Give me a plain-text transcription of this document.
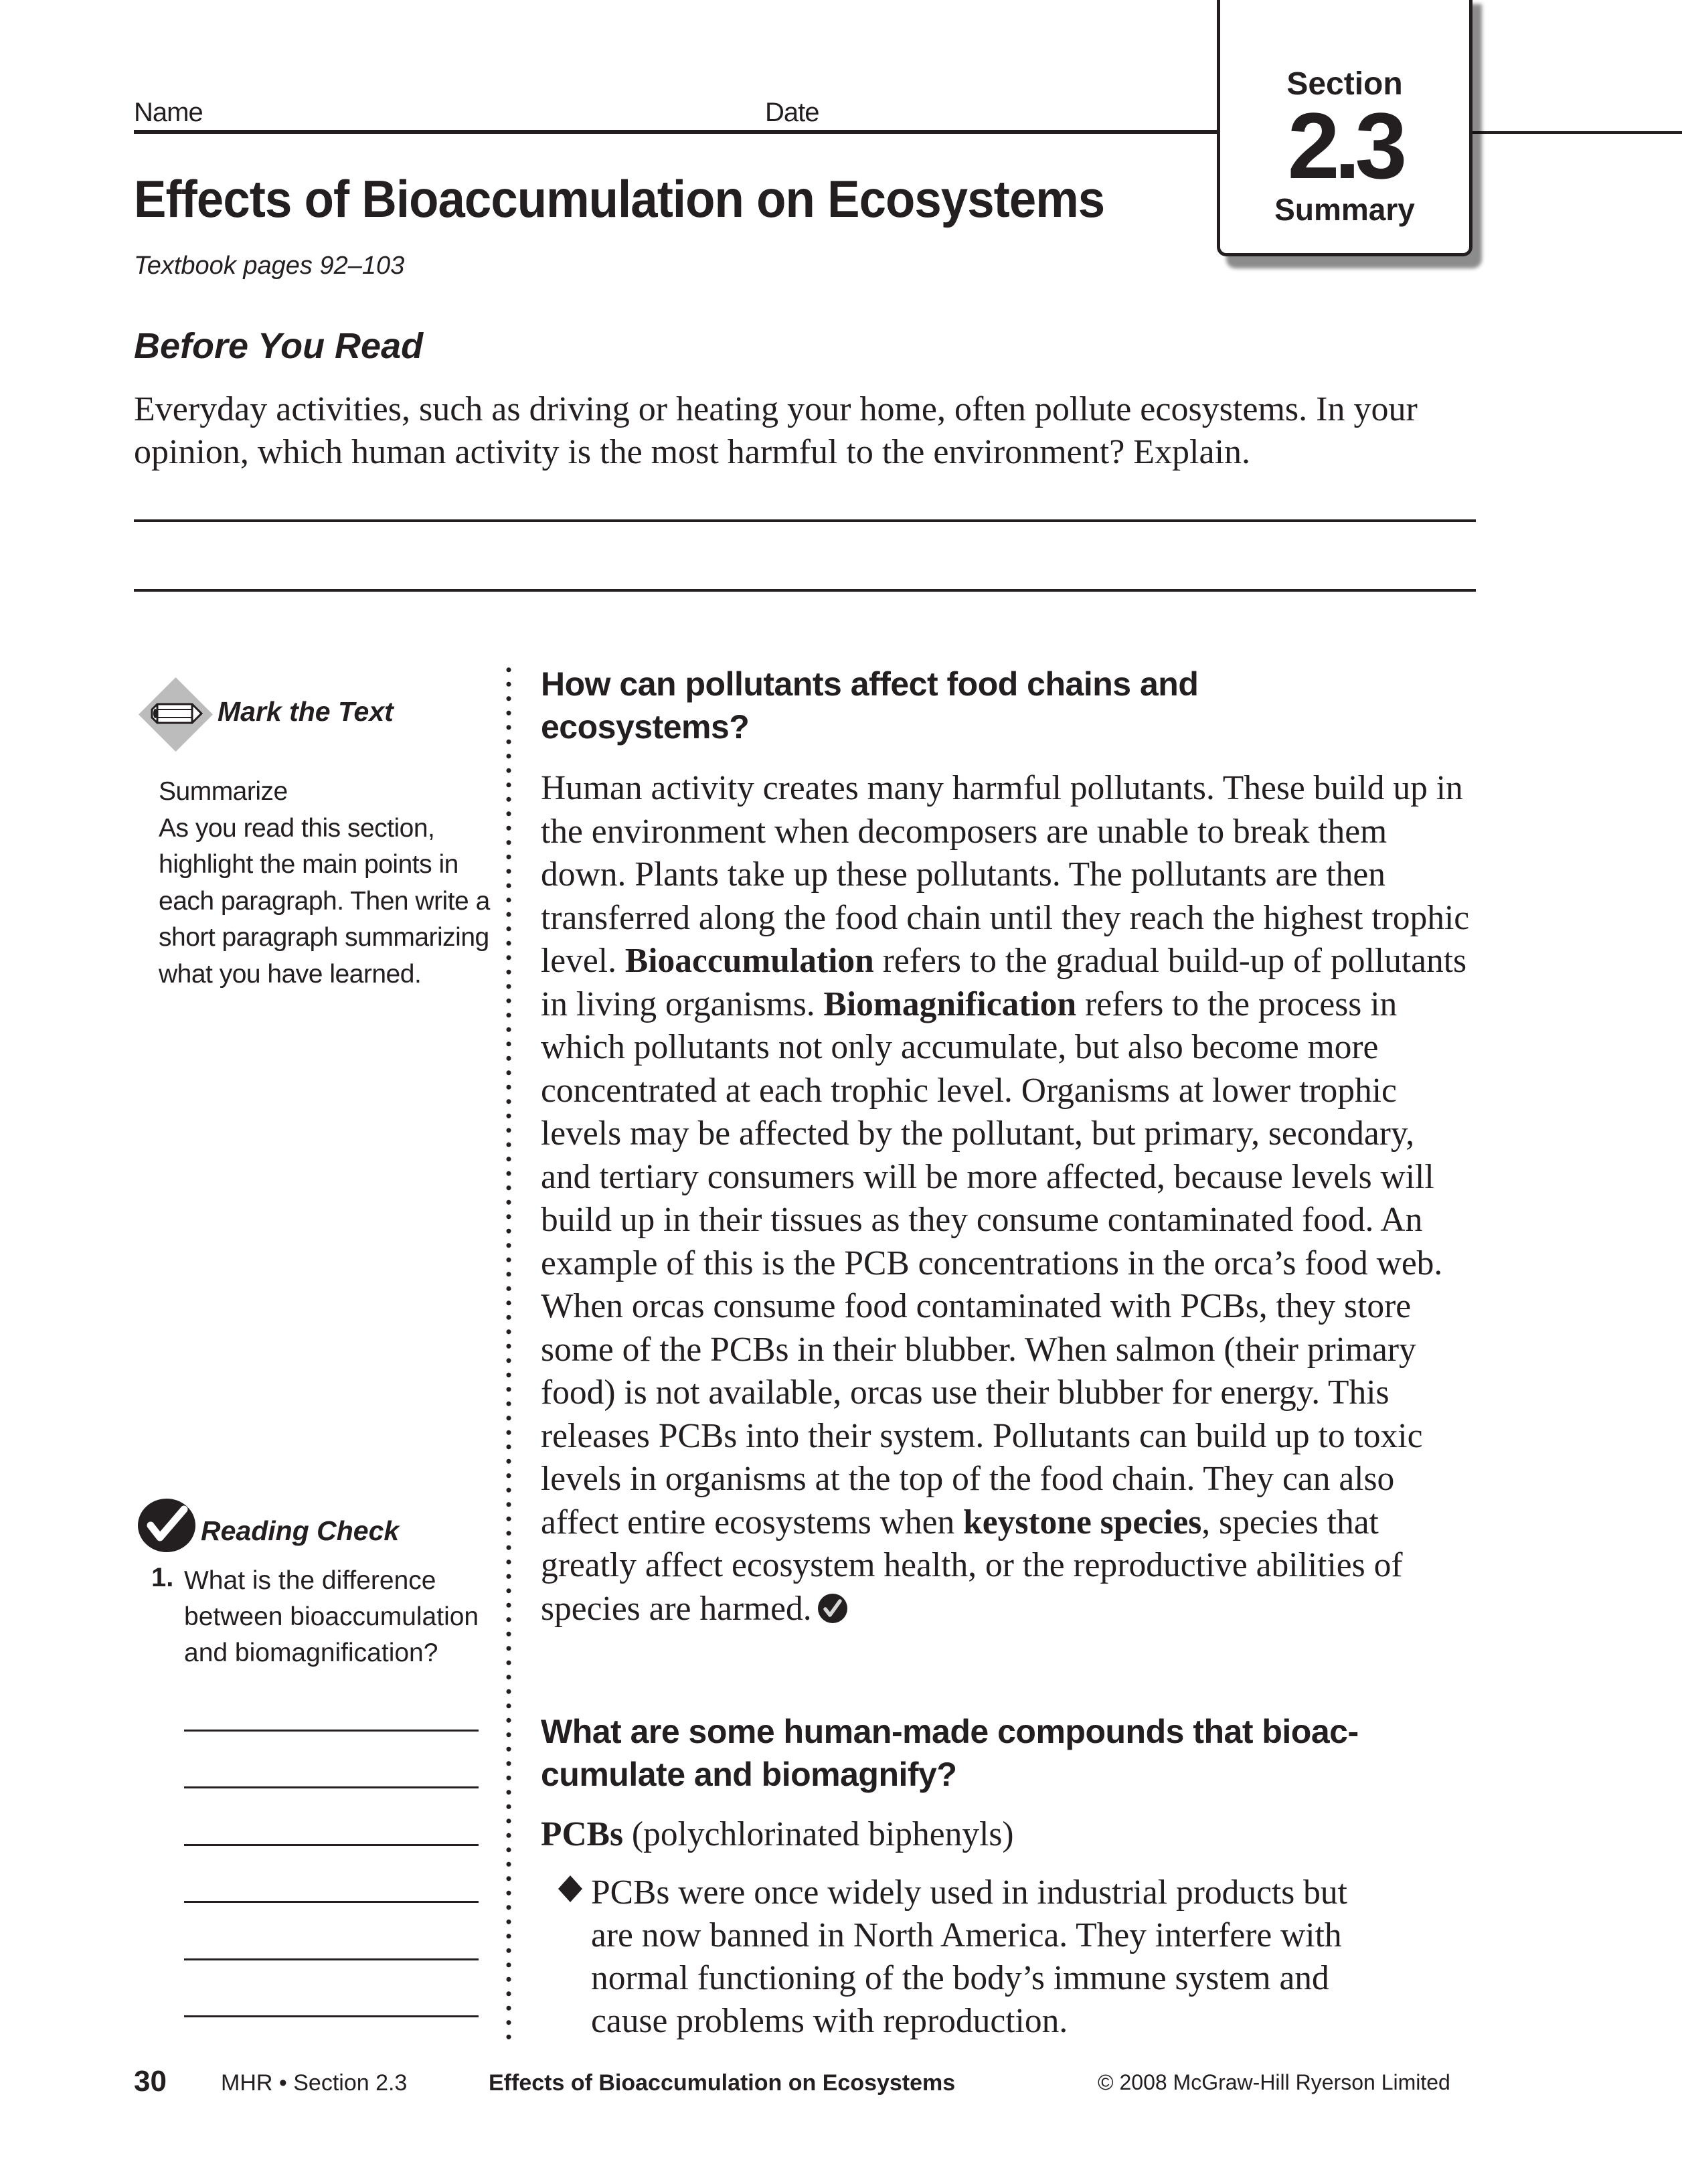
Name	Date
Effects of Bioaccumulation on Ecosystems
Textbook pages 92–103
Section
2.3
Summary
Before You Read
Everyday activities, such as driving or heating your home, often pollute ecosystems. In your opinion, which human activity is the most harmful to the environment? Explain.
Mark the Text
Summarize
As you read this section,
highlight the main points in
each paragraph. Then write a
short paragraph summarizing
what you have learned.
Reading Check
1. What is the difference
between bioaccumulation
and biomagnification?
How can pollutants affect food chains and
ecosystems?
Human activity creates many harmful pollutants. These build up in the environment when decomposers are unable to break them down. Plants take up these pollutants. The pollutants are then transferred along the food chain until they reach the highest trophic level. Bioaccumulation refers to the gradual build-up of pollutants in living organisms. Biomagnification refers to the process in which pollutants not only accumulate, but also become more concentrated at each trophic level. Organisms at lower trophic levels may be affected by the pollutant, but primary, secondary, and tertiary consumers will be more affected, because levels will build up in their tissues as they consume contaminated food. An example of this is the PCB concentrations in the orca’s food web. When orcas consume food contaminated with PCBs, they store some of the PCBs in their blubber. When salmon (their primary food) is not available, orcas use their blubber for energy. This releases PCBs into their system. Pollutants can build up to toxic levels in organisms at the top of the food chain. They can also affect entire ecosystems when keystone species, species that greatly affect ecosystem health, or the reproductive abilities of species are harmed.
What are some human-made compounds that bioac-
cumulate and biomagnify?
PCBs (polychlorinated biphenyls)
PCBs were once widely used in industrial products but
are now banned in North America. They interfere with
normal functioning of the body’s immune system and
cause problems with reproduction.
30 MHR • Section 2.3	Effects of Bioaccumulation on Ecosystems	© 2008 McGraw-Hill Ryerson Limited
